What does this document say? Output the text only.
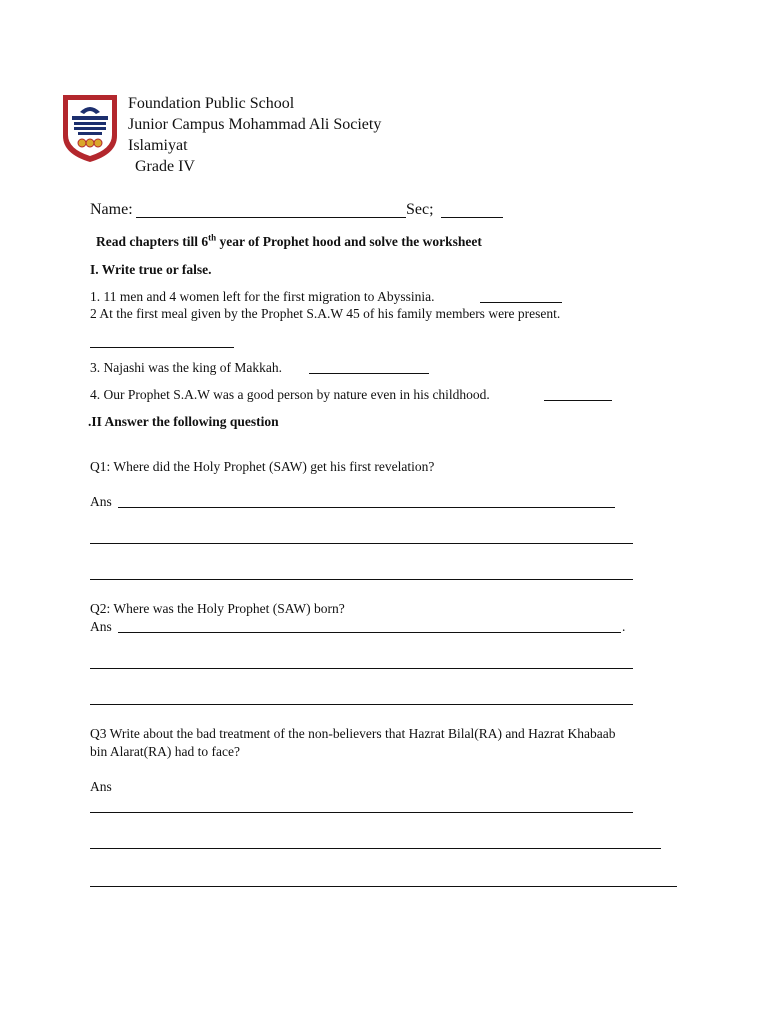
Foundation Public School
Junior Campus Mohammad Ali Society
Islamiyat
Grade IV
Name:	Sec;
Read chapters till 6th year of Prophet hood and solve the worksheet
I. Write true or false.
1. 11 men and 4 women left for the first migration to Abyssinia.
2 At the first meal given by the Prophet S.A.W 45 of his family members were present.
3. Najashi was the king of Makkah.
4. Our Prophet S.A.W was a good person by nature even in his childhood.
.II Answer the following question
Q1: Where did the Holy Prophet (SAW) get his first revelation?
Ans
Q2: Where was the Holy Prophet (SAW) born?
Ans	.
Q3 Write about the bad treatment of the non-believers that Hazrat Bilal(RA) and Hazrat Khabaab
bin Alarat(RA) had to face?
Ans
